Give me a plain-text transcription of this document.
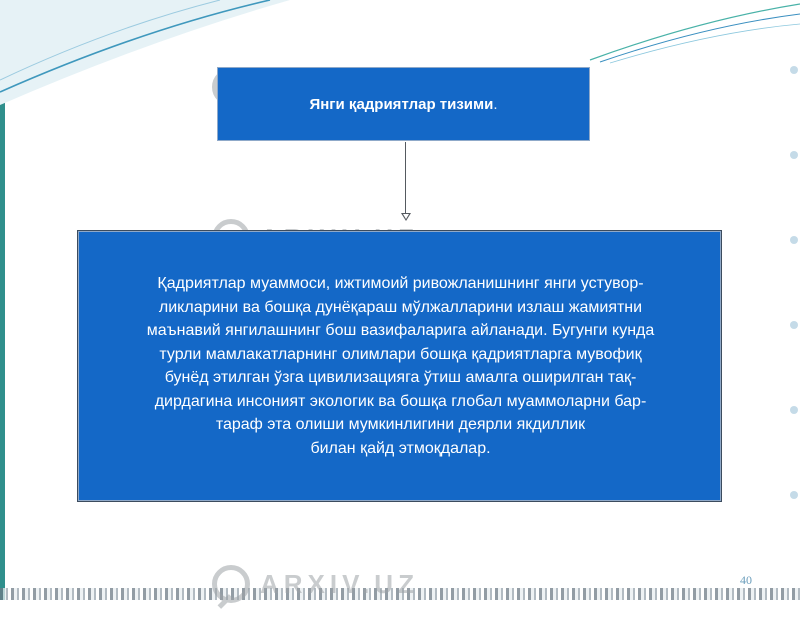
ARXIV.UZ
Янги қадриятлар тизими .
Қадриятлар муаммоси, ижтимоий ривожланишнинг янги устувор-
ликларини ва бошқа дунёқараш мўлжалларини излаш жамиятни
маънавий янгилашнинг бош вазифаларига айланади. Бугунги кунда
турли мамлакатларнинг олимлари бошқа қадриятларга мувофиқ
бунёд этилган ўзга цивилизацияга ўтиш амалга оширилган тақ-
дирдагина инсоният экологик ва бошқа глобал муаммоларни бар-
тараф эта олиши мумкинлигини деярли якдиллик
билан қайд этмоқдалар.
40
